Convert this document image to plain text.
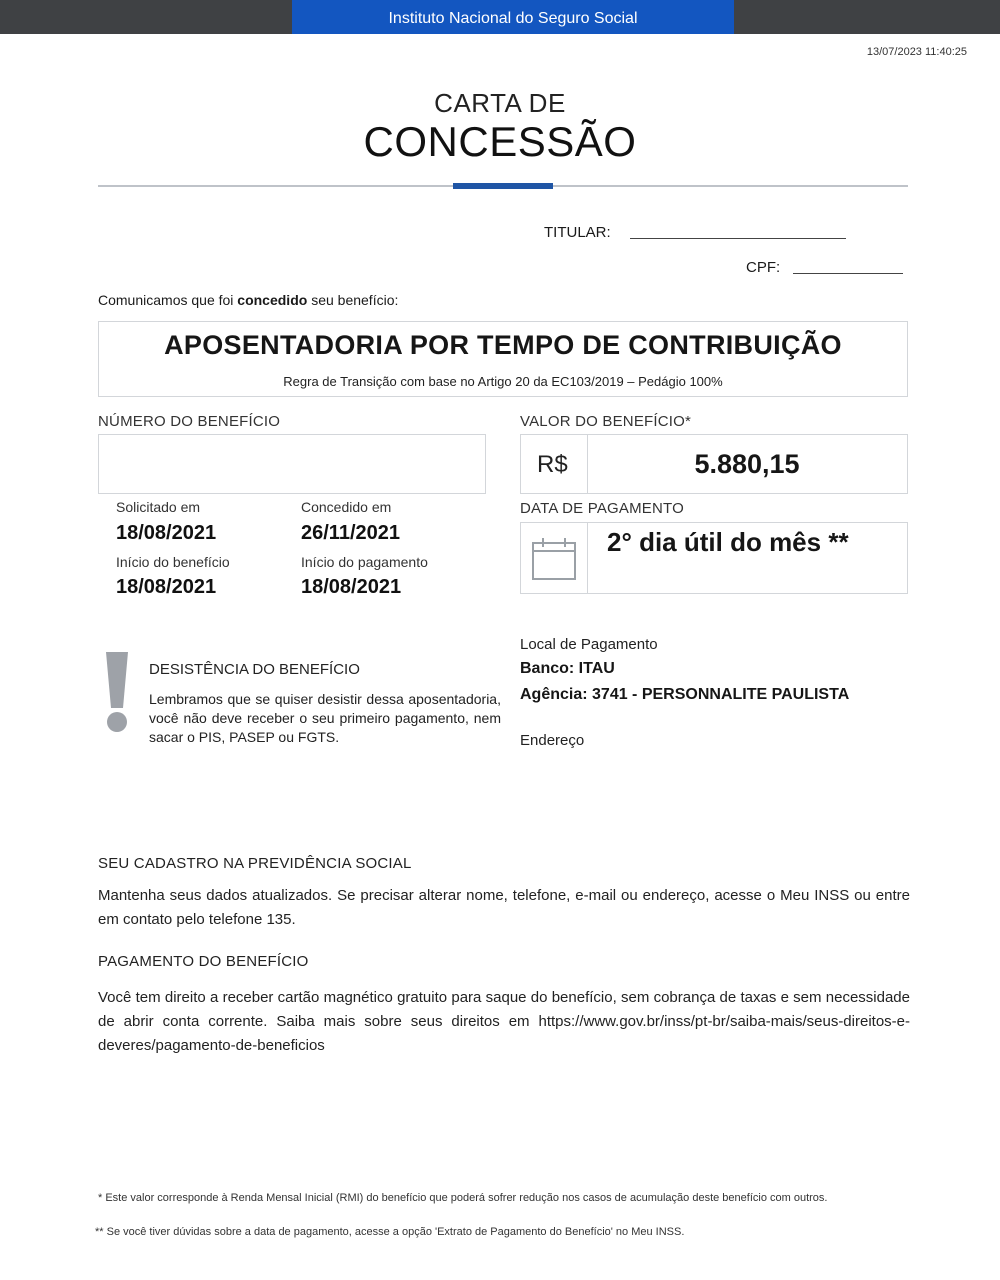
Instituto Nacional do Seguro Social
13/07/2023 11:40:25
CARTA DE
CONCESSÃO
TITULAR:
CPF:
Comunicamos que foi concedido seu benefício:
APOSENTADORIA POR TEMPO DE CONTRIBUIÇÃO
Regra de Transição com base no Artigo 20 da EC103/2019 – Pedágio 100%
NÚMERO DO BENEFÍCIO	VALOR DO BENEFÍCIO*
R$	5.880,15
Solicitado em
18/08/2021
Concedido em
26/11/2021
Início do benefício
18/08/2021
Início do pagamento
18/08/2021
DATA DE PAGAMENTO
2° dia útil do mês **
DESISTÊNCIA DO BENEFÍCIO
Lembramos que se quiser desistir dessa aposentadoria, você não deve receber o seu primeiro pagamento, nem sacar o PIS, PASEP ou FGTS.
Local de Pagamento
Banco: ITAU
Agência: 3741 - PERSONNALITE PAULISTA
Endereço
SEU CADASTRO NA PREVIDÊNCIA SOCIAL
Mantenha seus dados atualizados. Se precisar alterar nome, telefone, e-mail ou endereço, acesse o Meu INSS ou entre em contato pelo telefone 135.
PAGAMENTO DO BENEFÍCIO
Você tem direito a receber cartão magnético gratuito para saque do benefício, sem cobrança de taxas e sem necessidade de abrir conta corrente. Saiba mais sobre seus direitos em https://www.gov.br/inss/pt-br/saiba-mais/seus-direitos-e-deveres/pagamento-de-beneficios
* Este valor corresponde à Renda Mensal Inicial (RMI) do benefício que poderá sofrer redução nos casos de acumulação deste benefício com outros.
** Se você tiver dúvidas sobre a data de pagamento, acesse a opção 'Extrato de Pagamento do Benefício' no Meu INSS.
